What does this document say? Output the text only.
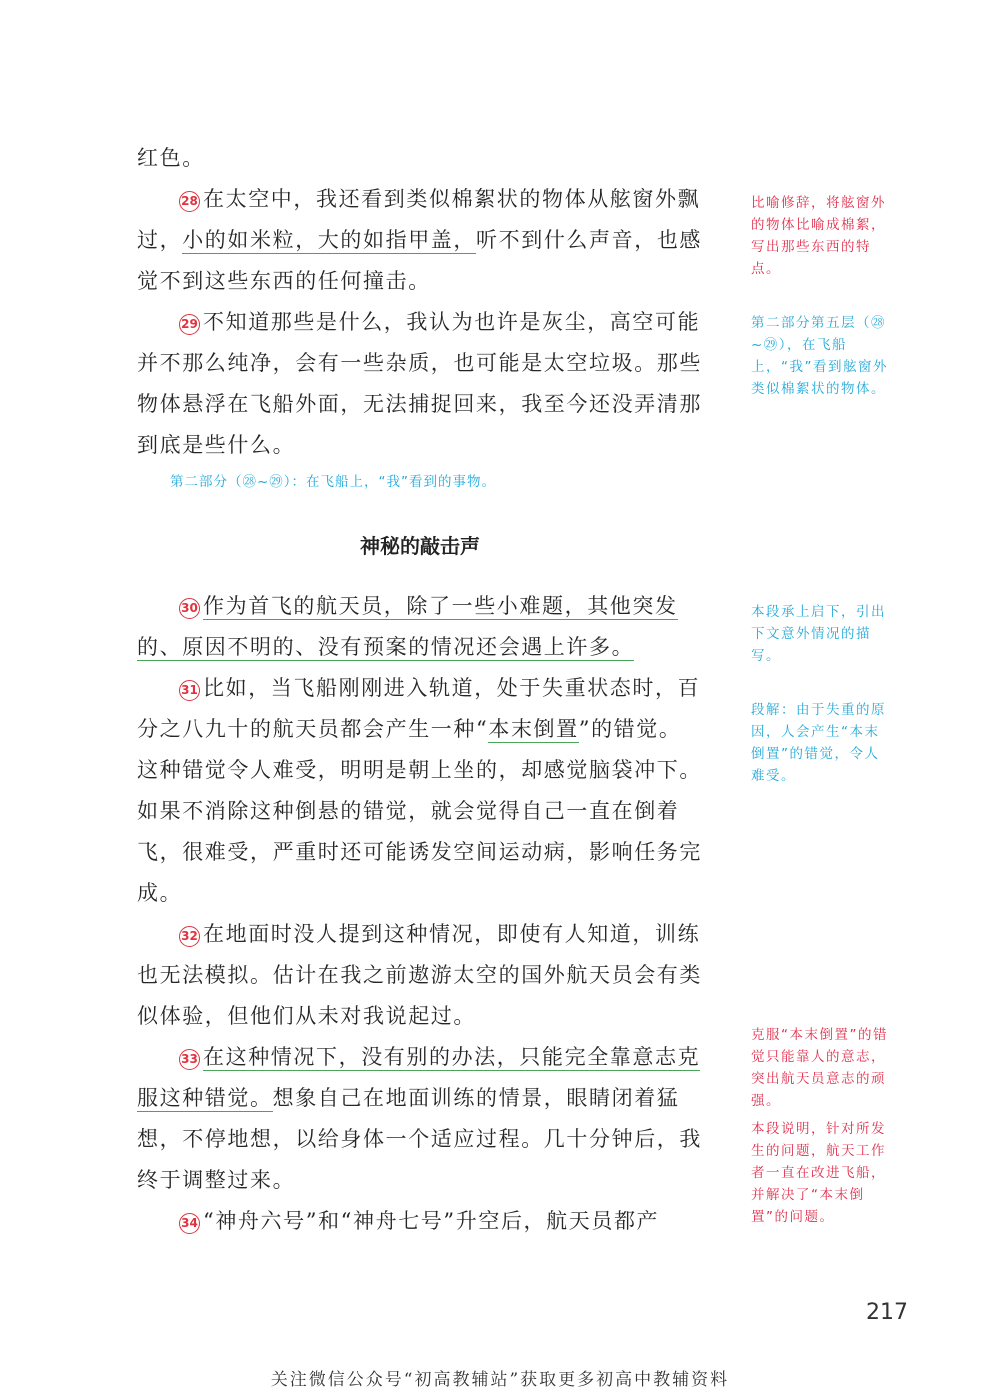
红色。

28 在太空中，我还看到类似棉絮状的物体从舷窗外飘过，小的如米粒，大的如指甲盖，听不到什么声音，也感觉不到这些东西的任何撞击。

29 不知道那些是什么，我认为也许是灰尘，高空可能并不那么纯净，会有一些杂质，也可能是太空垃圾。那些物体悬浮在飞船外面，无法捕捉回来，我至今还没弄清那到底是些什么。

第二部分（㉘~㉙）：在飞船上，“我”看到的事物。
神秘的敲击声

30 作为首飞的航天员，除了一些小难题，其他突发的、原因不明的、没有预案的情况还会遇上许多。

31 比如，当飞船刚刚进入轨道，处于失重状态时，百分之八九十的航天员都会产生一种“本末倒置”的错觉。这种错觉令人难受，明明是朝上坐的，却感觉脑袋冲下。如果不消除这种倒悬的错觉，就会觉得自己一直在倒着飞，很难受，严重时还可能诱发空间运动病，影响任务完成。

32 在地面时没人提到这种情况，即使有人知道，训练也无法模拟。估计在我之前遨游太空的国外航天员会有类似体验，但他们从未对我说起过。

33 在这种情况下，没有别的办法，只能完全靠意志克服这种错觉。想象自己在地面训练的情景，眼睛闭着猛想，不停地想，以给身体一个适应过程。几十分钟后，我终于调整过来。

34 “神舟六号”和“神舟七号”升空后，航天员都产

比喻修辞，将舷窗外的物体比喻成棉絮，写出那些东西的特点。
第二部分第五层（㉘~㉙），在飞船上，“我”看到舷窗外类似棉絮状的物体。
本段承上启下，引出下文意外情况的描写。
段解：由于失重的原因，人会产生“本末倒置”的错觉，令人难受。
克服“本末倒置”的错觉只能靠人的意志，突出航天员意志的顽强。
本段说明，针对所发生的问题，航天工作者一直在改进飞船，并解决了“本末倒置”的问题。
217
关注微信公众号“初高教辅站”获取更多初高中教辅资料
